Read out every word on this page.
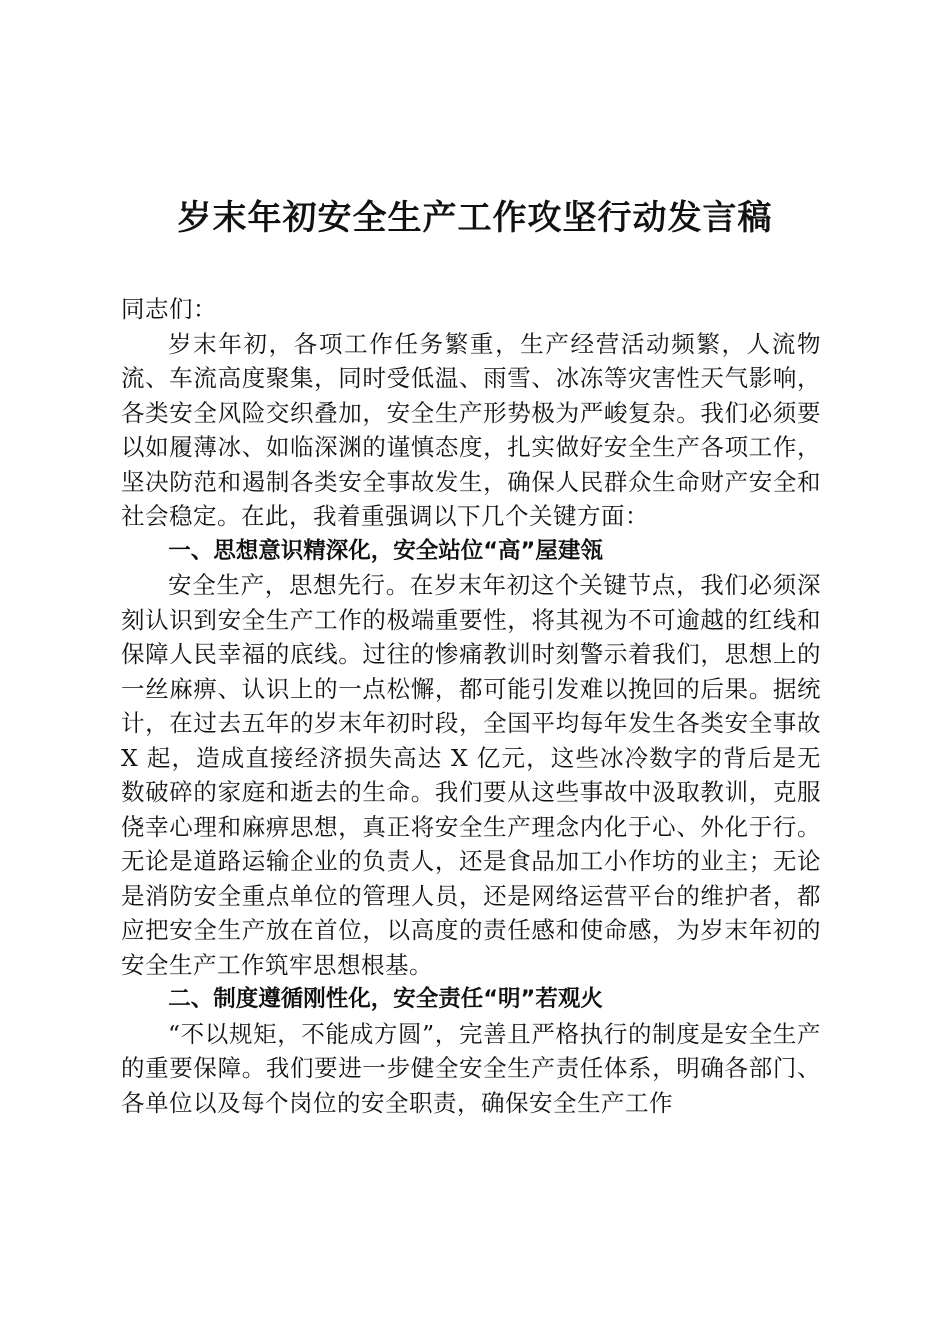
岁末年初安全生产工作攻坚行动发言稿

同志们：

岁末年初，各项工作任务繁重，生产经营活动频繁，人流物流、车流高度聚集，同时受低温、雨雪、冰冻等灾害性天气影响，各类安全风险交织叠加，安全生产形势极为严峻复杂。我们必须要以如履薄冰、如临深渊的谨慎态度，扎实做好安全生产各项工作，坚决防范和遏制各类安全事故发生，确保人民群众生命财产安全和社会稳定。在此，我着重强调以下几个关键方面：

一、思想意识精深化，安全站位“高”屋建瓴

安全生产，思想先行。在岁末年初这个关键节点，我们必须深刻认识到安全生产工作的极端重要性，将其视为不可逾越的红线和保障人民幸福的底线。过往的惨痛教训时刻警示着我们，思想上的一丝麻痹、认识上的一点松懈，都可能引发难以挽回的后果。据统计，在过去五年的岁末年初时段，全国平均每年发生各类安全事故 X 起，造成直接经济损失高达 X 亿元，这些冰冷数字的背后是无数破碎的家庭和逝去的生命。我们要从这些事故中汲取教训，克服侥幸心理和麻痹思想，真正将安全生产理念内化于心、外化于行。无论是道路运输企业的负责人，还是食品加工小作坊的业主；无论是消防安全重点单位的管理人员，还是网络运营平台的维护者，都应把安全生产放在首位，以高度的责任感和使命感，为岁末年初的安全生产工作筑牢思想根基。

二、制度遵循刚性化，安全责任“明”若观火

“不以规矩，不能成方圆”，完善且严格执行的制度是安全生产的重要保障。我们要进一步健全安全生产责任体系，明确各部门、各单位以及每个岗位的安全职责，确保安全生产工作
